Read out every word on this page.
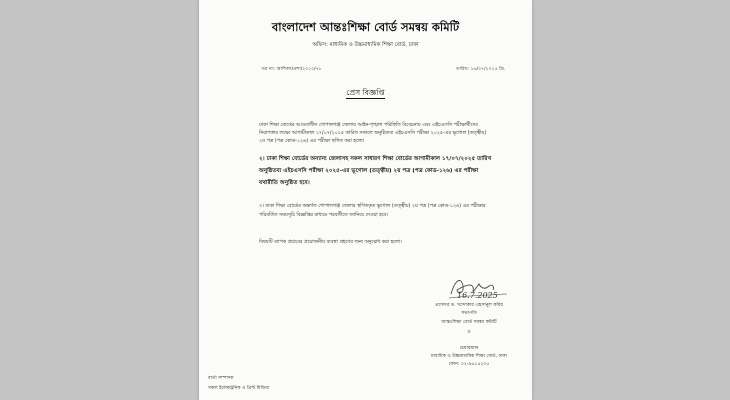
বাংলাদেশ আন্তঃশিক্ষা বোর্ড সমন্বয় কমিটি
অফিস: মাধ্যমিক ও উচ্চমাধ্যমিক শিক্ষা বোর্ড, ঢাকা
পত্র নং: আশিবস/প্রশা/২০১০/৭৮	তারিখ: ১৬/০৭/২০২৫ খ্রি.
প্রেস বিজ্ঞপ্তি
ঢাকা শিক্ষা বোর্ডের আওতাধীন গোপালগঞ্জ জেলার আইন-শৃঙ্খলা পরিস্থিতি বিবেচনায় এবং এইচএসসি পরীক্ষার্থীদের
নিরাপত্তার লক্ষ্যে আগামীকাল ১৭/০৭/২০২৫ তারিখ সকালে অনুষ্ঠিতব্য এইচএসসি পরীক্ষা ২০২৫-এর ভূগোল (তত্ত্বীয়)
২য় পত্র (পত্র কোড-১২৬) এর পরীক্ষা স্থগিত করা হলো।
২। ঢাকা শিক্ষা বোর্ডের অন্যান্য জেলাসহ সকল সাধারণ শিক্ষা বোর্ডের আগামীকাল ১৭/০৭/২০২৫ তারিখ
অনুষ্ঠিতব্য এইচএসসি পরীক্ষা ২০২৫-এর ভূগোল (তত্ত্বীয়) ২য় পত্র (পত্র কোড-১২৬) এর পরীক্ষা
যথারীতি অনুষ্ঠিত হবে।
৩। ঢাকা শিক্ষা বোর্ডের অন্তর্গত গোপালগঞ্জ জেলার স্থগিতকৃত ভূগোল (তত্ত্বীয়) ২য় পত্র (পত্র কোড-১২৬) এর পরীক্ষার
পরিবর্তিত সময়সূচি বিজ্ঞপ্তির মাধ্যমে পরবর্তীতে জানিয়ে দেওয়া হবে।
বিষয়টি ব্যাপক প্রচারের প্রয়োজনীয় ব্যবস্থা গ্রহণের জন্য অনুরোধ করা হলো।
16.7.2025
প্রফেসর ড. খন্দোকার এহসানুল কবির
সভাপতি
আন্তঃশিক্ষা বোর্ড সমন্বয় কমিটি
ও
চেয়ারম্যান
মাধ্যমিক ও উচ্চমাধ্যমিক শিক্ষা বোর্ড, ঢাকা
ফোন: ০২-৯৬১৫২৩৫
বার্তা সম্পাদক
সকল ইলেকট্রনিক ও প্রিন্ট মিডিয়া
